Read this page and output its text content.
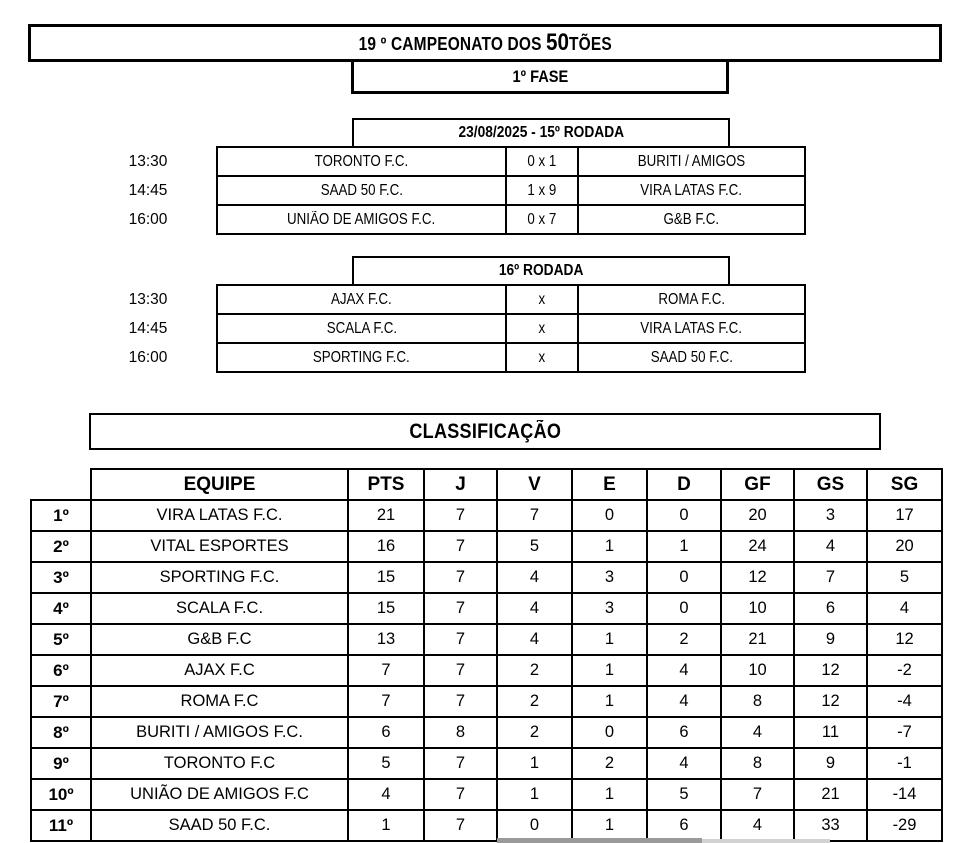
19 º CAMPEONATO DOS 50TÕES
1º FASE
23/08/2025 - 15º RODADA
13:30	TORONTO F.C.	0 x 1	BURITI / AMIGOS
14:45	SAAD 50 F.C.	1 x 9	VIRA LATAS F.C.
16:00	UNIÃO DE AMIGOS F.C.	0 x 7	G&B F.C.
16º RODADA
13:30	AJAX F.C.	x	ROMA F.C.
14:45	SCALA F.C.	x	VIRA LATAS F.C.
16:00	SPORTING F.C.	x	SAAD 50 F.C.
CLASSIFICAÇÃO
	EQUIPE	PTS	J	V	E	D	GF	GS	SG
1º	VIRA LATAS F.C.	21	7	7	0	0	20	3	17
2º	VITAL ESPORTES	16	7	5	1	1	24	4	20
3º	SPORTING F.C.	15	7	4	3	0	12	7	5
4º	SCALA F.C.	15	7	4	3	0	10	6	4
5º	G&B F.C	13	7	4	1	2	21	9	12
6º	AJAX F.C	7	7	2	1	4	10	12	-2
7º	ROMA F.C	7	7	2	1	4	8	12	-4
8º	BURITI / AMIGOS F.C.	6	8	2	0	6	4	11	-7
9º	TORONTO F.C	5	7	1	2	4	8	9	-1
10º	UNIÃO DE AMIGOS F.C	4	7	1	1	5	7	21	-14
11º	SAAD 50 F.C.	1	7	0	1	6	4	33	-29
